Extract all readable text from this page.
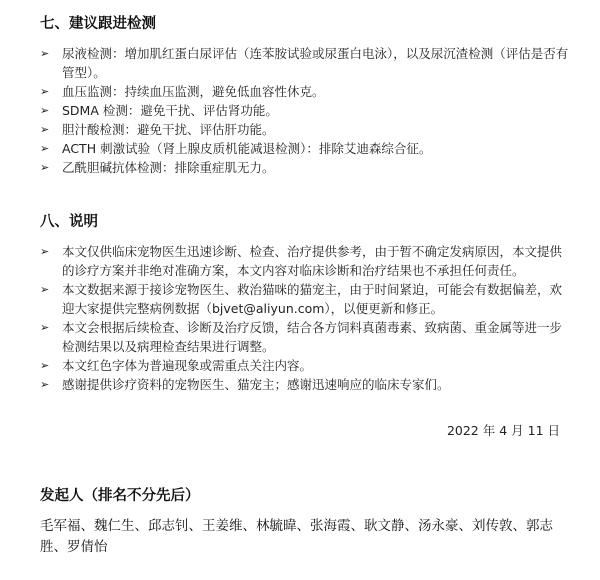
七、建议跟进检测
➢ 尿液检测：增加肌红蛋白尿评估（连苯胺试验或尿蛋白电泳），以及尿沉渣检测（评估是否有管型）。
➢ 血压监测：持续血压监测，避免低血容性休克。
➢ SDMA 检测：避免干扰、评估肾功能。
➢ 胆汁酸检测：避免干扰、评估肝功能。
➢ ACTH 刺激试验（肾上腺皮质机能减退检测）：排除艾迪森综合征。
➢ 乙酰胆碱抗体检测：排除重症肌无力。
八、说明
➢ 本文仅供临床宠物医生迅速诊断、检查、治疗提供参考，由于暂不确定发病原因，本文提供的诊疗方案并非绝对准确方案，本文内容对临床诊断和治疗结果也不承担任何责任。
➢ 本文数据来源于接诊宠物医生、救治猫咪的猫宠主，由于时间紧迫，可能会有数据偏差，欢迎大家提供完整病例数据（bjvet@aliyun.com），以便更新和修正。
➢ 本文会根据后续检查、诊断及治疗反馈，结合各方饲料真菌毒素、致病菌、重金属等进一步检测结果以及病理检查结果进行调整。
➢ 本文红色字体为普遍现象或需重点关注内容。
➢ 感谢提供诊疗资料的宠物医生、猫宠主；感谢迅速响应的临床专家们。
2022 年 4 月 11 日
发起人（排名不分先后）
毛军福、魏仁生、邱志钊、王姜维、林毓暐、张海霞、耿文静、汤永豪、刘传敦、郭志胜、罗倩怡
